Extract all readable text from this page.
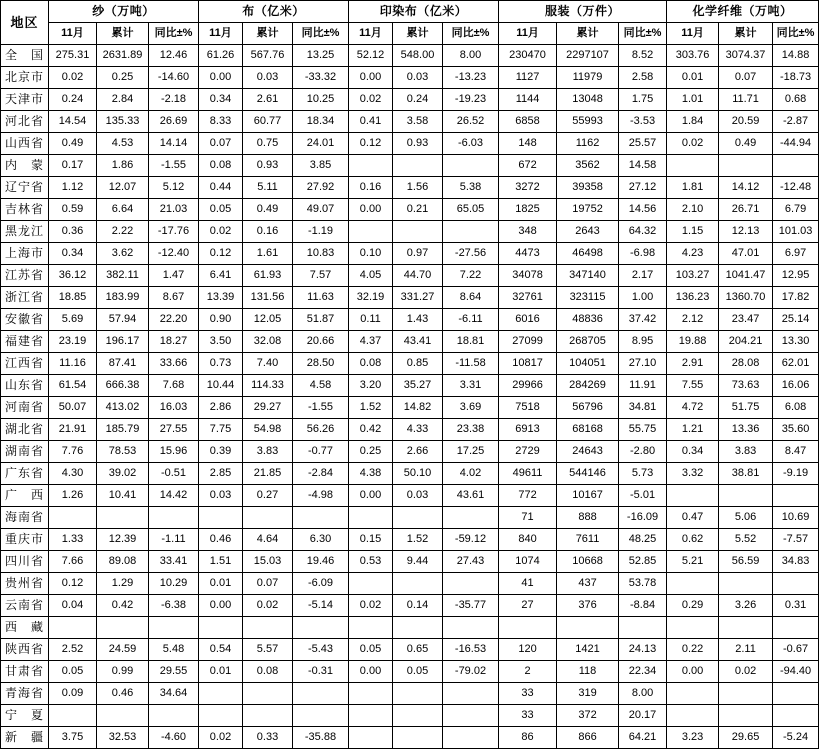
地区	纱（万吨）			布（亿米）			印染布（亿米）			服装（万件）			化学纤维（万吨）		
	11月	累计	同比±%	11月	累计	同比±%	11月	累计	同比±%	11月	累计	同比±%	11月	累计	同比±%
全　国	275.31	2631.89	12.46	61.26	567.76	13.25	52.12	548.00	8.00	230470	2297107	8.52	303.76	3074.37	14.88
北京市	0.02	0.25	-14.60	0.00	0.03	-33.32	0.00	0.03	-13.23	1127	11979	2.58	0.01	0.07	-18.73
天津市	0.24	2.84	-2.18	0.34	2.61	10.25	0.02	0.24	-19.23	1144	13048	1.75	1.01	11.71	0.68
河北省	14.54	135.33	26.69	8.33	60.77	18.34	0.41	3.58	26.52	6858	55993	-3.53	1.84	20.59	-2.87
山西省	0.49	4.53	14.14	0.07	0.75	24.01	0.12	0.93	-6.03	148	1162	25.57	0.02	0.49	-44.94
内　蒙	0.17	1.86	-1.55	0.08	0.93	3.85				672	3562	14.58			
辽宁省	1.12	12.07	5.12	0.44	5.11	27.92	0.16	1.56	5.38	3272	39358	27.12	1.81	14.12	-12.48
吉林省	0.59	6.64	21.03	0.05	0.49	49.07	0.00	0.21	65.05	1825	19752	14.56	2.10	26.71	6.79
黑龙江	0.36	2.22	-17.76	0.02	0.16	-1.19				348	2643	64.32	1.15	12.13	101.03
上海市	0.34	3.62	-12.40	0.12	1.61	10.83	0.10	0.97	-27.56	4473	46498	-6.98	4.23	47.01	6.97
江苏省	36.12	382.11	1.47	6.41	61.93	7.57	4.05	44.70	7.22	34078	347140	2.17	103.27	1041.47	12.95
浙江省	18.85	183.99	8.67	13.39	131.56	11.63	32.19	331.27	8.64	32761	323115	1.00	136.23	1360.70	17.82
安徽省	5.69	57.94	22.20	0.90	12.05	51.87	0.11	1.43	-6.11	6016	48836	37.42	2.12	23.47	25.14
福建省	23.19	196.17	18.27	3.50	32.08	20.66	4.37	43.41	18.81	27099	268705	8.95	19.88	204.21	13.30
江西省	11.16	87.41	33.66	0.73	7.40	28.50	0.08	0.85	-11.58	10817	104051	27.10	2.91	28.08	62.01
山东省	61.54	666.38	7.68	10.44	114.33	4.58	3.20	35.27	3.31	29966	284269	11.91	7.55	73.63	16.06
河南省	50.07	413.02	16.03	2.86	29.27	-1.55	1.52	14.82	3.69	7518	56796	34.81	4.72	51.75	6.08
湖北省	21.91	185.79	27.55	7.75	54.98	56.26	0.42	4.33	23.38	6913	68168	55.75	1.21	13.36	35.60
湖南省	7.76	78.53	15.96	0.39	3.83	-0.77	0.25	2.66	17.25	2729	24643	-2.80	0.34	3.83	8.47
广东省	4.30	39.02	-0.51	2.85	21.85	-2.84	4.38	50.10	4.02	49611	544146	5.73	3.32	38.81	-9.19
广　西	1.26	10.41	14.42	0.03	0.27	-4.98	0.00	0.03	43.61	772	10167	-5.01			
海南省										71	888	-16.09	0.47	5.06	10.69
重庆市	1.33	12.39	-1.11	0.46	4.64	6.30	0.15	1.52	-59.12	840	7611	48.25	0.62	5.52	-7.57
四川省	7.66	89.08	33.41	1.51	15.03	19.46	0.53	9.44	27.43	1074	10668	52.85	5.21	56.59	34.83
贵州省	0.12	1.29	10.29	0.01	0.07	-6.09				41	437	53.78			
云南省	0.04	0.42	-6.38	0.00	0.02	-5.14	0.02	0.14	-35.77	27	376	-8.84	0.29	3.26	0.31
西　藏															
陕西省	2.52	24.59	5.48	0.54	5.57	-5.43	0.05	0.65	-16.53	120	1421	24.13	0.22	2.11	-0.67
甘肃省	0.05	0.99	29.55	0.01	0.08	-0.31	0.00	0.05	-79.02	2	118	22.34	0.00	0.02	-94.40
青海省	0.09	0.46	34.64							33	319	8.00			
宁　夏										33	372	20.17			
新　疆	3.75	32.53	-4.60	0.02	0.33	-35.88				86	866	64.21	3.23	29.65	-5.24
